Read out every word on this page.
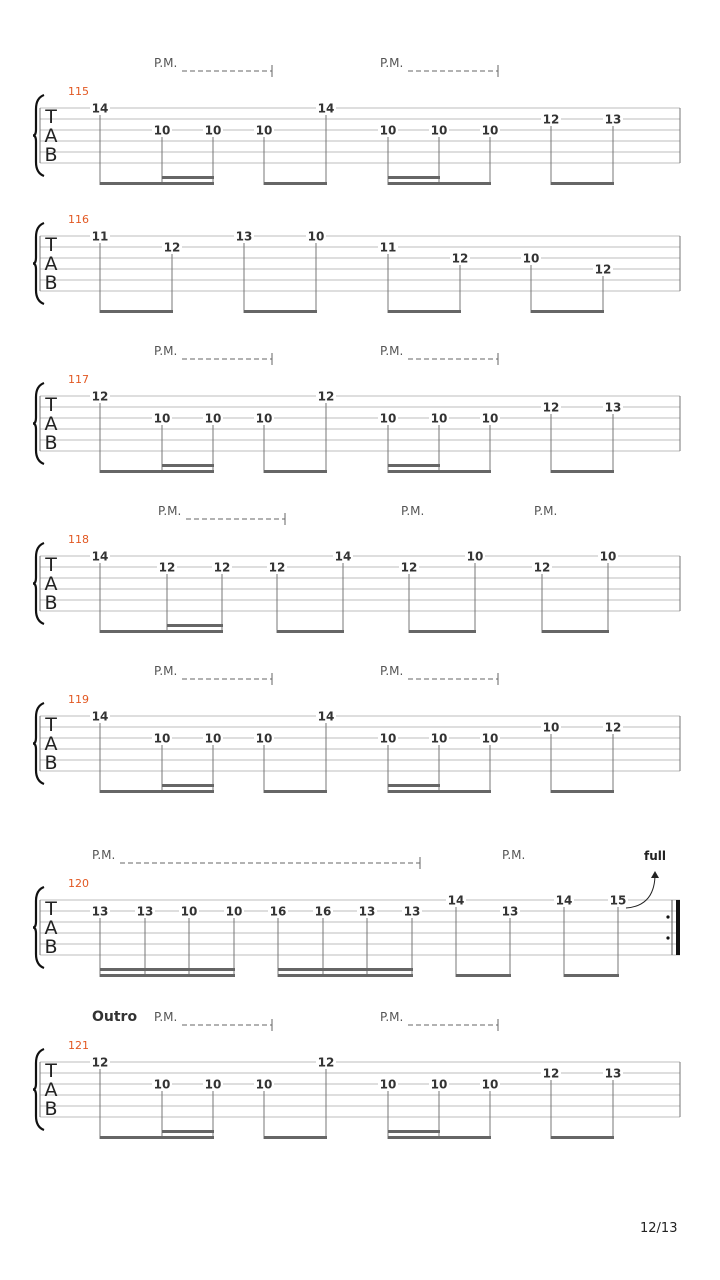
T
A
B
115
P.M.	P.M.
14
10	10	10
14
10	10	10
12	13
T
A
B
116
11
12
13	10
11
12	10
12
T
A
B
117
P.M.	P.M.
12
10	10	10
12
10	10	10
12	13
T
A
B
118
P.M.	P.M.	P.M.
14
12	12	12
14
12
10
12
10
T
A
B
119
P.M.	P.M.
14
10	10	10
14
10	10	10
10	12
T
A
B
120
P.M.	P.M.
13 13 10 10 16 16 13 13
14
13
14	15
full
T
A
B
121
Outro P.M.	P.M.
12
10	10	10
12
10	10	10
12	13
12/13
